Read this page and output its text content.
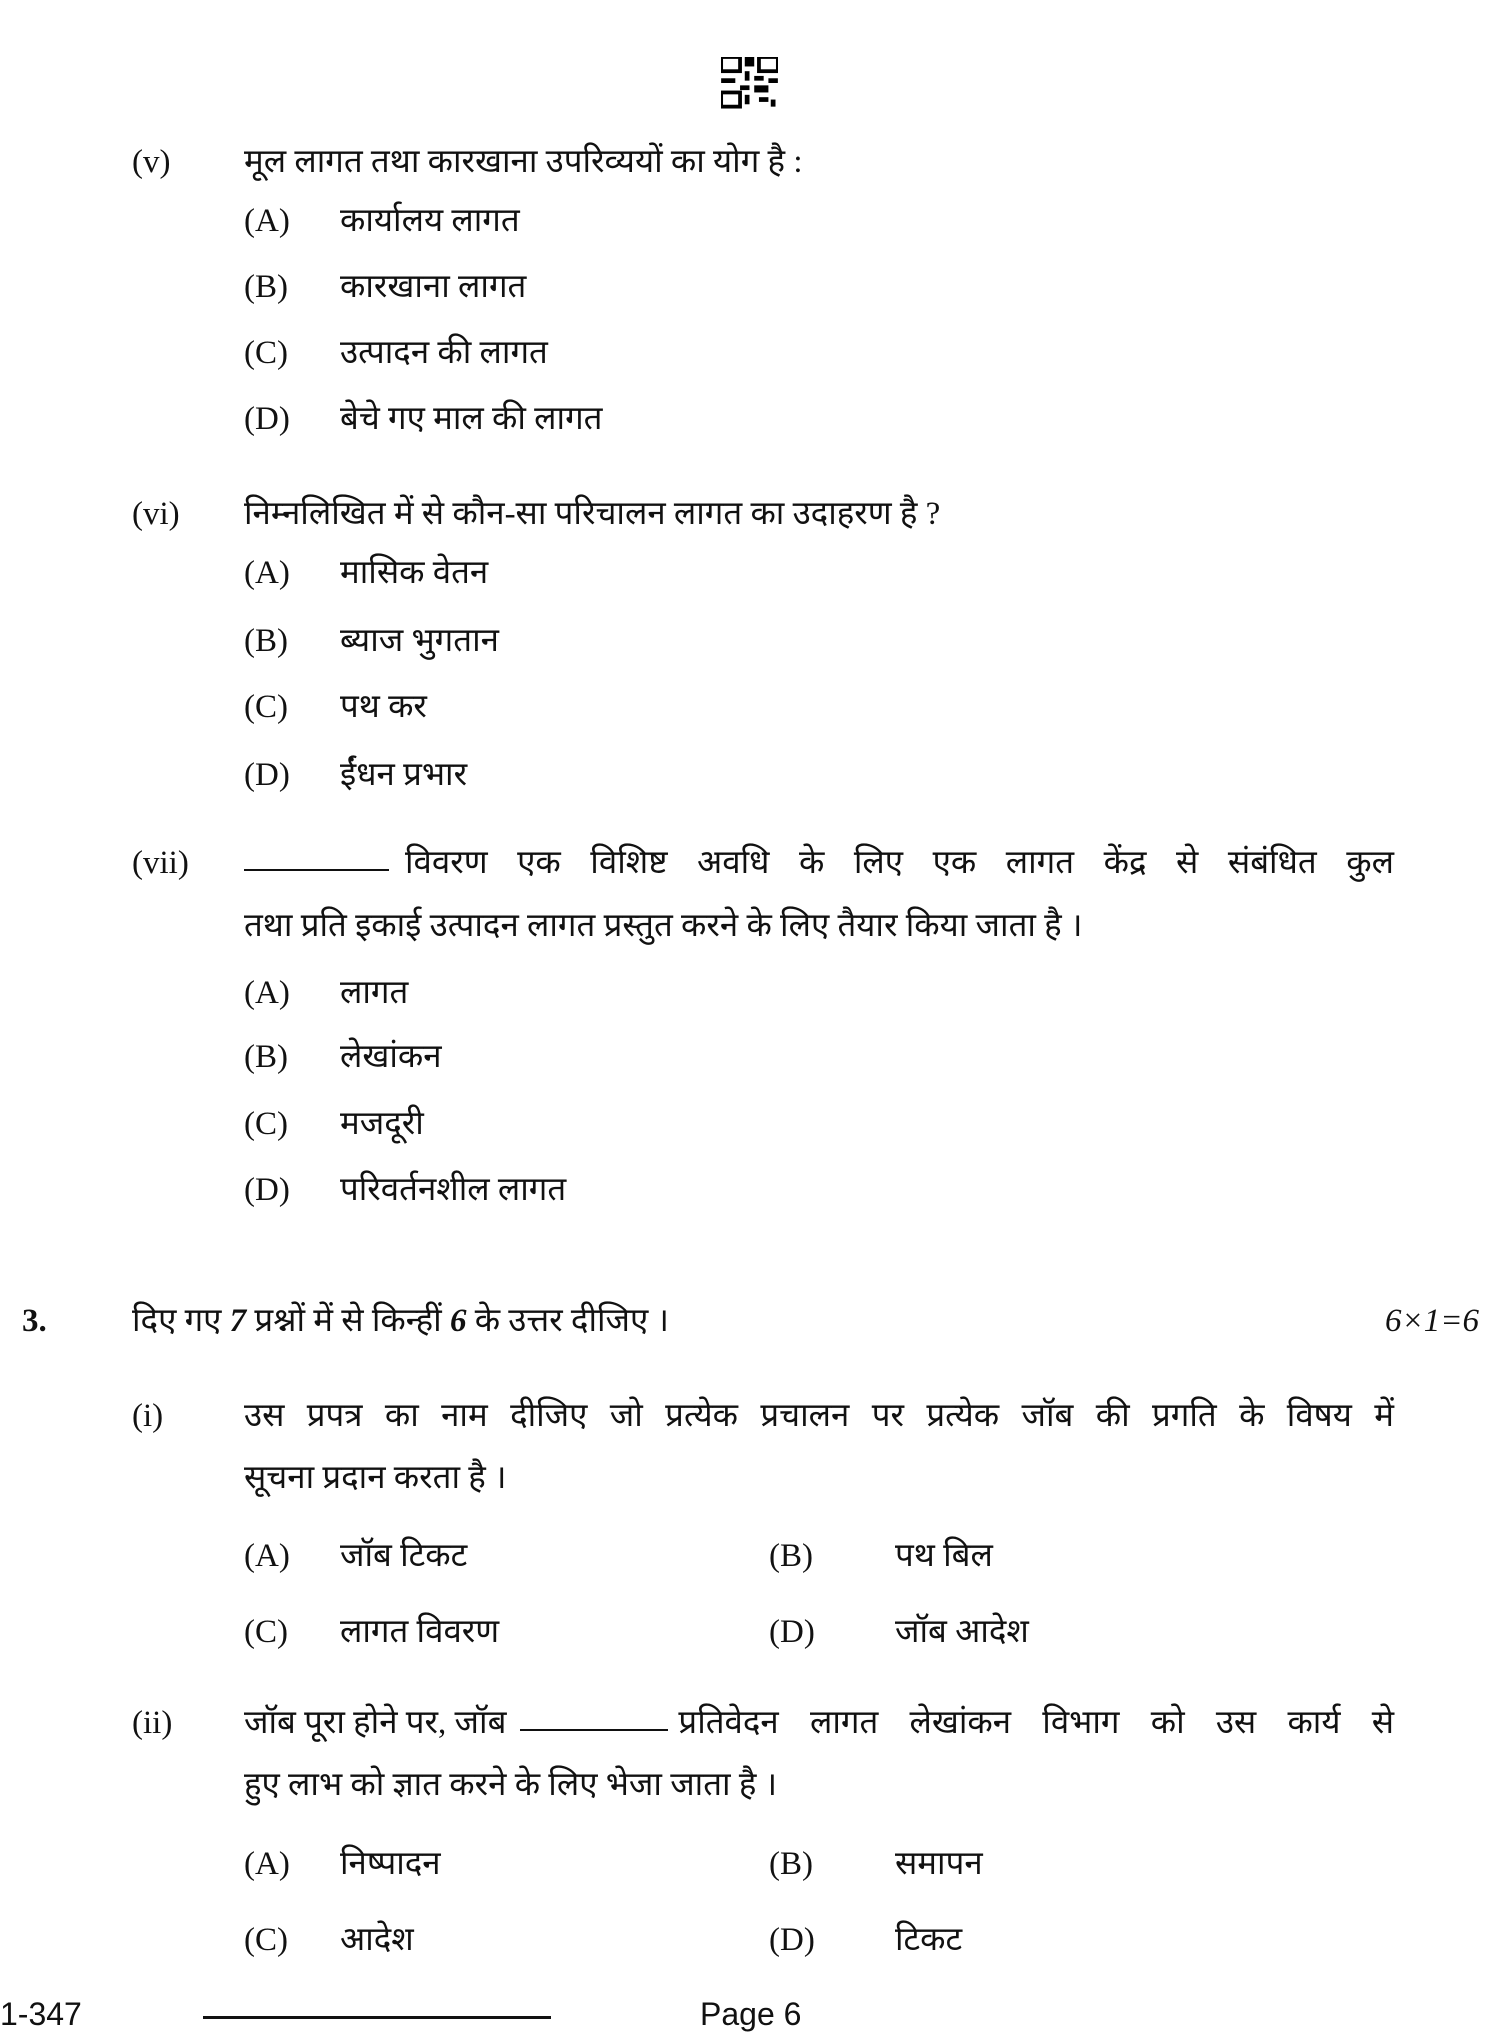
(v) मूल लागत तथा कारखाना उपरिव्ययों का योग है :
(A) कार्यालय लागत
(B) कारखाना लागत
(C) उत्पादन की लागत
(D) बेचे गए माल की लागत
(vi) निम्नलिखित में से कौन-सा परिचालन लागत का उदाहरण है ?
(A) मासिक वेतन
(B) ब्याज भुगतान
(C) पथ कर
(D) ईंधन प्रभार
(vii)	विवरण एक विशिष्ट अवधि के लिए एक लागत केंद्र से संबंधित कुल
तथा प्रति इकाई उत्पादन लागत प्रस्तुत करने के लिए तैयार किया जाता है ।
(A) लागत
(B) लेखांकन
(C) मजदूरी
(D) परिवर्तनशील लागत
3.	दिए गए 7 प्रश्नों में से किन्हीं 6 के उत्तर दीजिए ।	6×1=6
(i) उस प्रपत्र का नाम दीजिए जो प्रत्येक प्रचालन पर प्रत्येक जॉब की प्रगति के विषय में
सूचना प्रदान करता है ।
(A) जॉब टिकट	(B) पथ बिल
(C) लागत विवरण	(D) जॉब आदेश
(ii) जॉब पूरा होने पर, जॉब	प्रतिवेदन लागत लेखांकन विभाग को उस कार्य से
हुए लाभ को ज्ञात करने के लिए भेजा जाता है ।
(A) निष्पादन	(B) समापन
(C) आदेश	(D) टिकट
1-347	Page 6
